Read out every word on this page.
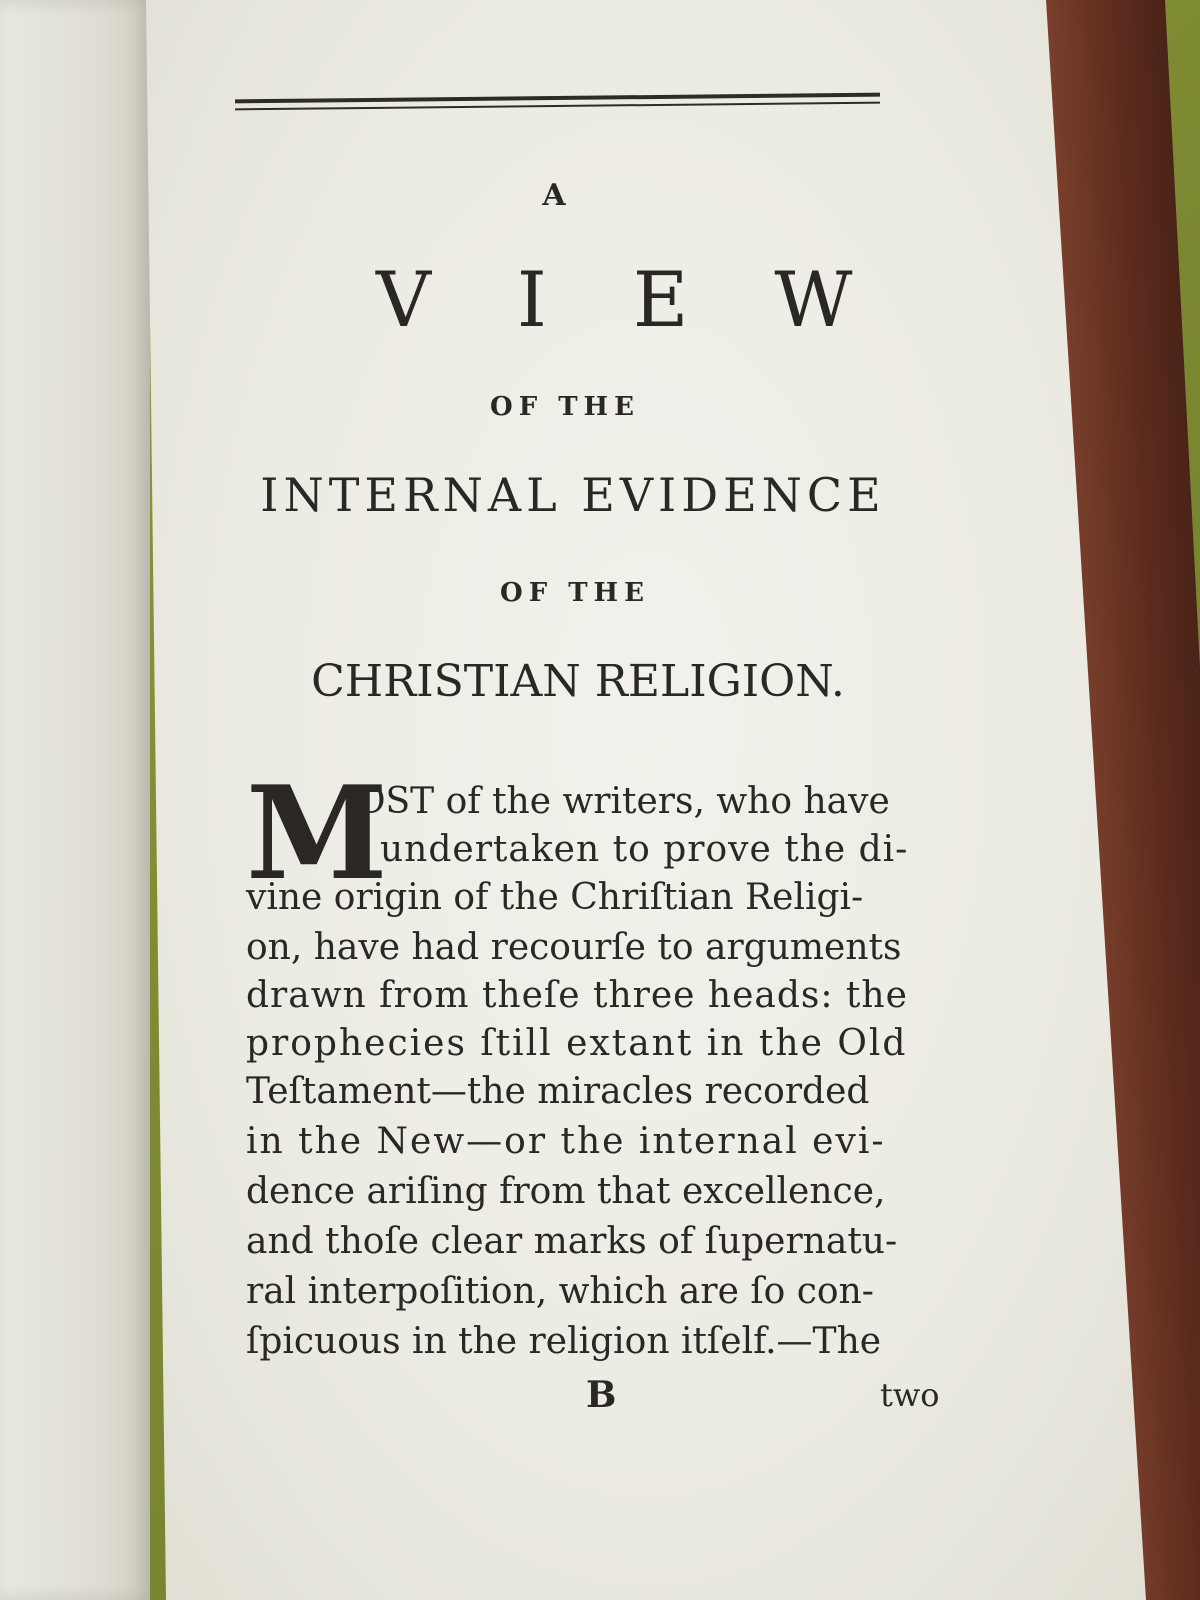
A
VIEW
OF THE
INTERNAL EVIDENCE
OF THE
CHRISTIAN RELIGION.
M
OST of the writers, who have
undertaken to prove the di-
vine origin of the Chriſtian Religi-
on, have had recourſe to arguments
drawn from theſe three heads: the
prophecies ſtill extant in the Old
Teſtament—the miracles recorded
in the New—or the internal evi-
dence ariſing from that excellence,
and thoſe clear marks of ſupernatu-
ral interpoſition, which are ſo con-
ſpicuous in the religion itſelf.—The
B	two
